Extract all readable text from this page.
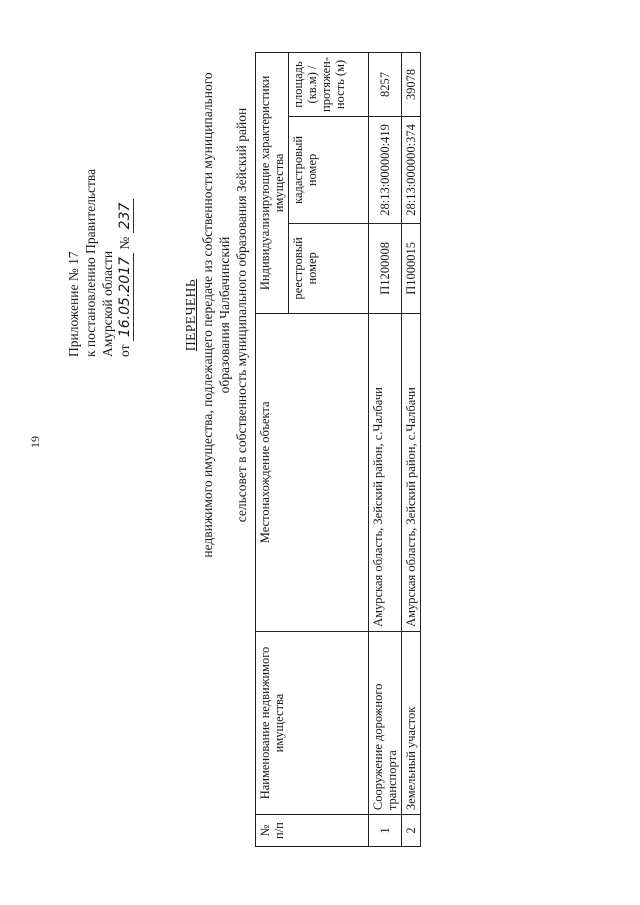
19
Приложение № 17 к постановлению Правительства Амурской области от 16.05.2017 № 237
ПЕРЕЧЕНЬ недвижимого имущества, подлежащего передаче из собственности муниципального образования Чалбачинский сельсовет в собственность муниципального образования Зейский район
№ п/п	Наименование недвижимого имущества	Местонахождение объекта	Индивидуализирующие характеристики имущества		
			реестровый номер	кадастровый номер	площадь (кв.м) / протяжен-ность (м)
1	Сооружение дорожного транспорта	Амурская область, Зейский район, с.Чалбачи	П1200008	28:13:000000:419	8257
2	Земельный участок	Амурская область, Зейский район, с.Чалбачи	П1000015	28:13:000000:374	39078
